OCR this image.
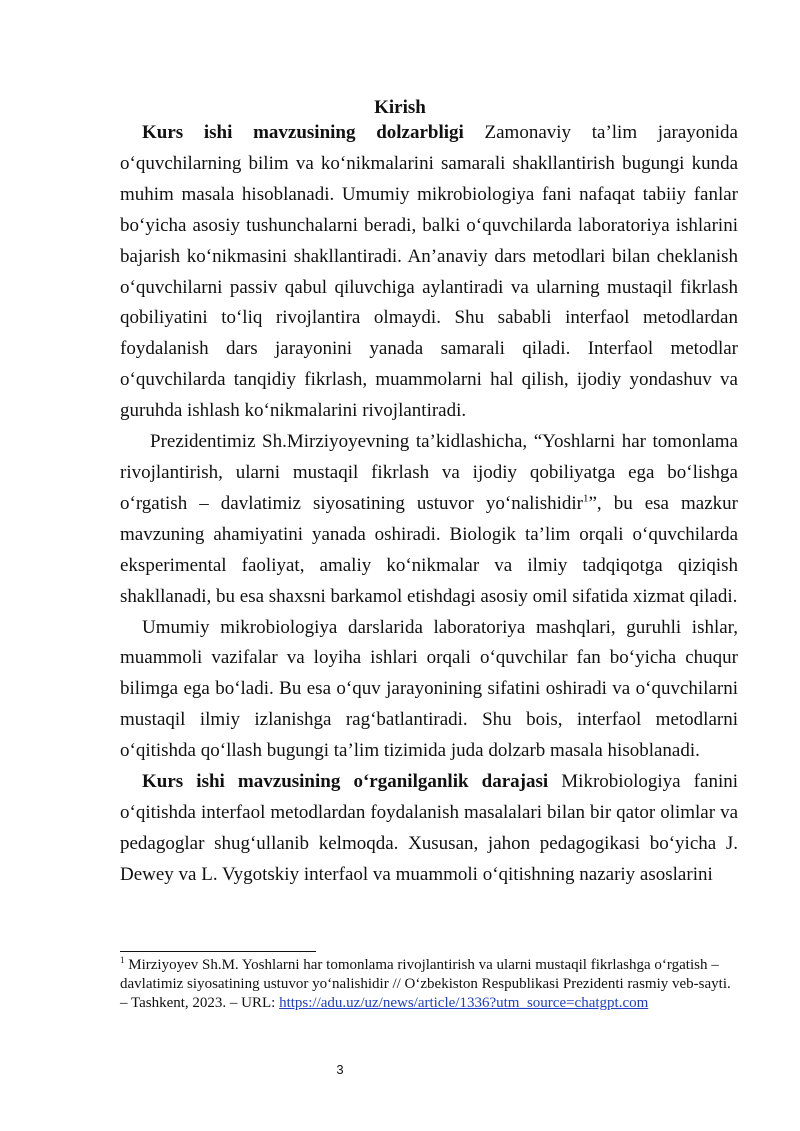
Kirish

Kurs ishi mavzusining dolzarbligi Zamonaviy ta’lim jarayonida o‘quvchilarning bilim va ko‘nikmalarini samarali shakllantirish bugungi kunda muhim masala hisoblanadi. Umumiy mikrobiologiya fani nafaqat tabiiy fanlar bo‘yicha asosiy tushunchalarni beradi, balki o‘quvchilarda laboratoriya ishlarini bajarish ko‘nikmasini shakllantiradi. An’anaviy dars metodlari bilan cheklanish o‘quvchilarni passiv qabul qiluvchiga aylantiradi va ularning mustaqil fikrlash qobiliyatini to‘liq rivojlantira olmaydi. Shu sababli interfaol metodlardan foydalanish dars jarayonini yanada samarali qiladi. Interfaol metodlar o‘quvchilarda tanqidiy fikrlash, muammolarni hal qilish, ijodiy yondashuv va guruhda ishlash ko‘nikmalarini rivojlantiradi.

Prezidentimiz Sh.Mirziyoyevning ta’kidlashicha, “Yoshlarni har tomonlama rivojlantirish, ularni mustaqil fikrlash va ijodiy qobiliyatga ega bo‘lishga o‘rgatish – davlatimiz siyosatining ustuvor yo‘nalishidir$^1$”, bu esa mazkur mavzuning ahamiyatini yanada oshiradi. Biologik ta’lim orqali o‘quvchilarda eksperimental faoliyat, amaliy ko‘nikmalar va ilmiy tadqiqotga qiziqish shakllanadi, bu esa shaxsni barkamol etishdagi asosiy omil sifatida xizmat qiladi.

Umumiy mikrobiologiya darslarida laboratoriya mashqlari, guruhli ishlar, muammoli vazifalar va loyiha ishlari orqali o‘quvchilar fan bo‘yicha chuqur bilimga ega bo‘ladi. Bu esa o‘quv jarayonining sifatini oshiradi va o‘quvchilarni mustaqil ilmiy izlanishga rag‘batlantiradi. Shu bois, interfaol metodlarni o‘qitishda qo‘llash bugungi ta’lim tizimida juda dolzarb masala hisoblanadi.

Kurs ishi mavzusining o‘rganilganlik darajasi Mikrobiologiya fanini o‘qitishda interfaol metodlardan foydalanish masalalari bilan bir qator olimlar va pedagoglar shug‘ullanib kelmoqda. Xususan, jahon pedagogikasi bo‘yicha J. Dewey va L. Vygotskiy interfaol va muammoli o‘qitishning nazariy asoslarini

$^1$ Mirziyoyev Sh.M. Yoshlarni har tomonlama rivojlantirish va ularni mustaqil fikrlashga o‘rgatish – davlatimiz siyosatining ustuvor yo‘nalishidir // O‘zbekiston Respublikasi Prezidenti rasmiy veb-sayti. – Tashkent, 2023. – URL: https://adu.uz/uz/news/article/1336?utm_source=chatgpt.com
3
